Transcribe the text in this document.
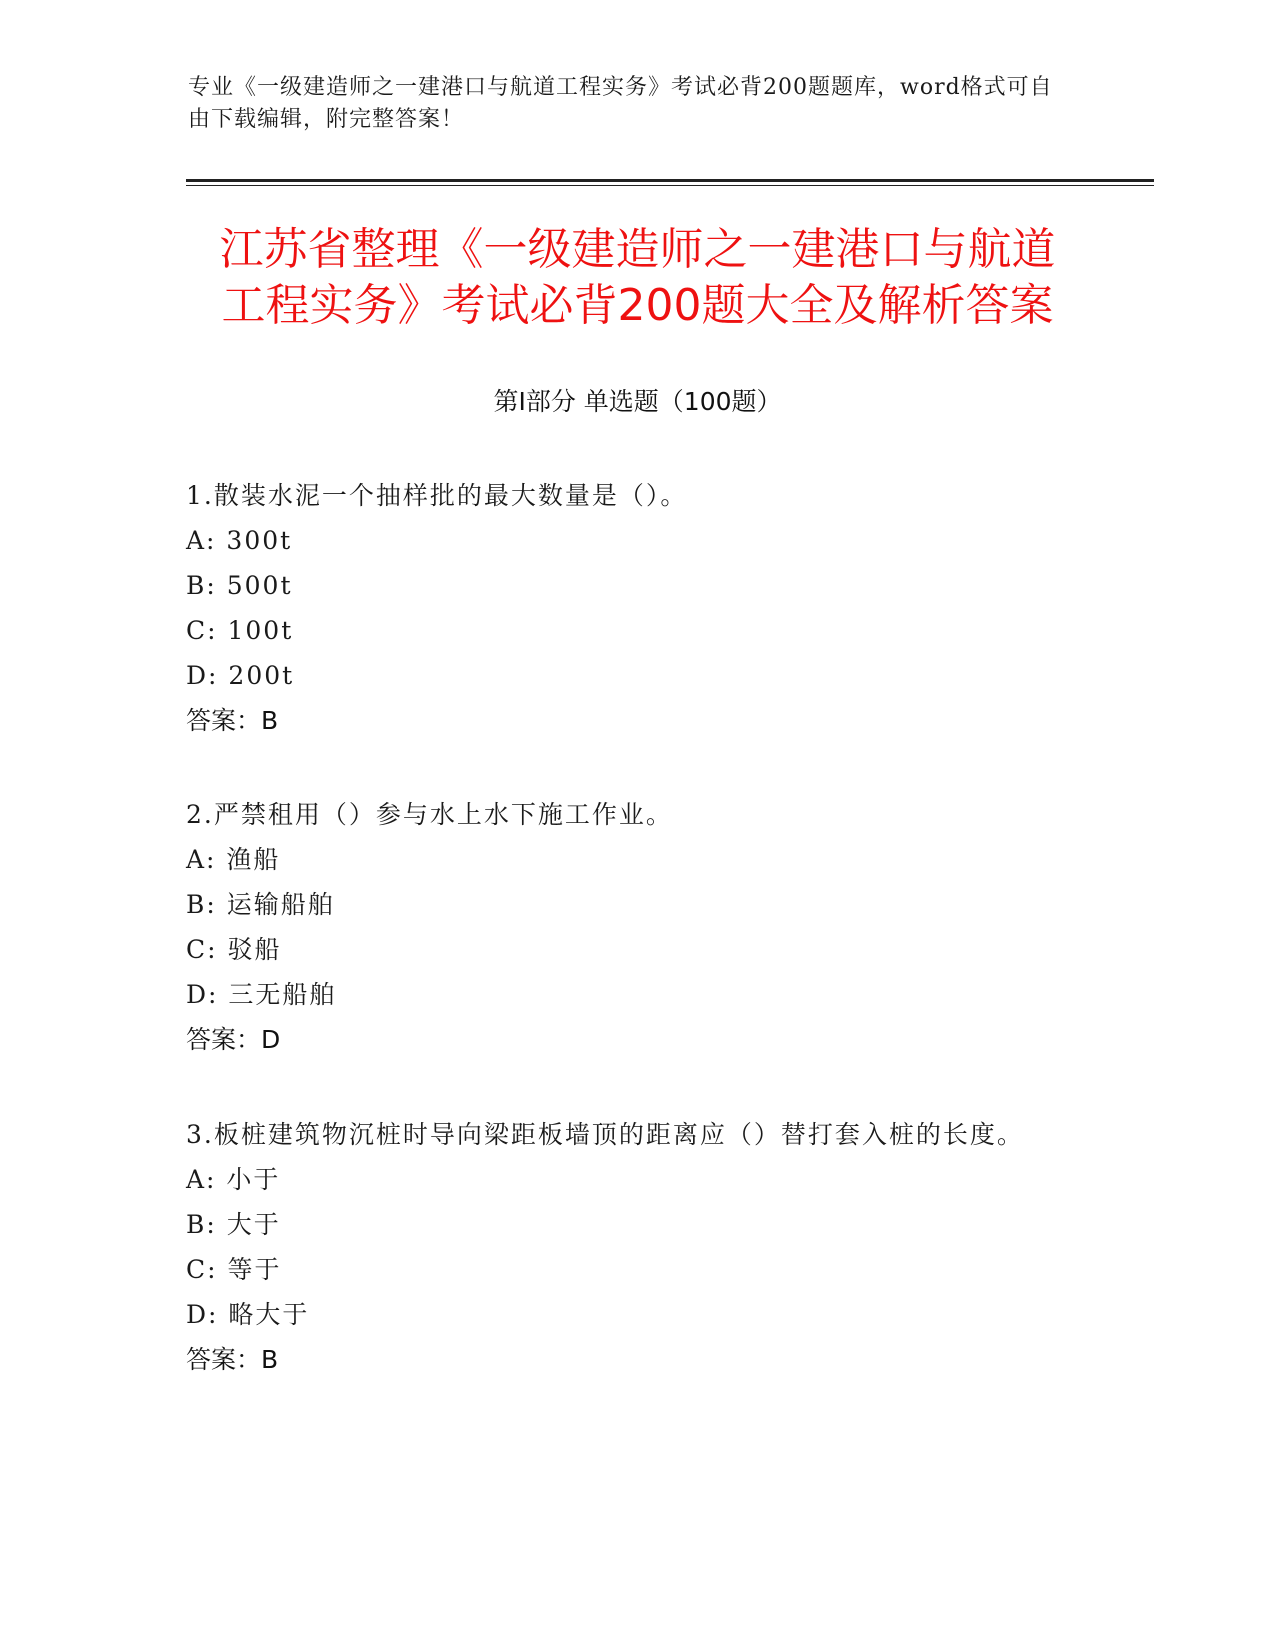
专业《一级建造师之一建港口与航道工程实务》考试必背200题题库，word格式可自由下载编辑，附完整答案！
江苏省整理《一级建造师之一建港口与航道
工程实务》考试必背200题大全及解析答案
第Ⅰ部分 单选题（100题）
1.散装水泥一个抽样批的最大数量是（）。
A: 300t
B: 500t
C: 100t
D: 200t
答案：B
2.严禁租用（）参与水上水下施工作业。
A: 渔船
B: 运输船舶
C: 驳船
D: 三无船舶
答案：D
3.板桩建筑物沉桩时导向梁距板墙顶的距离应（）替打套入桩的长度。
A: 小于
B: 大于
C: 等于
D: 略大于
答案：B
